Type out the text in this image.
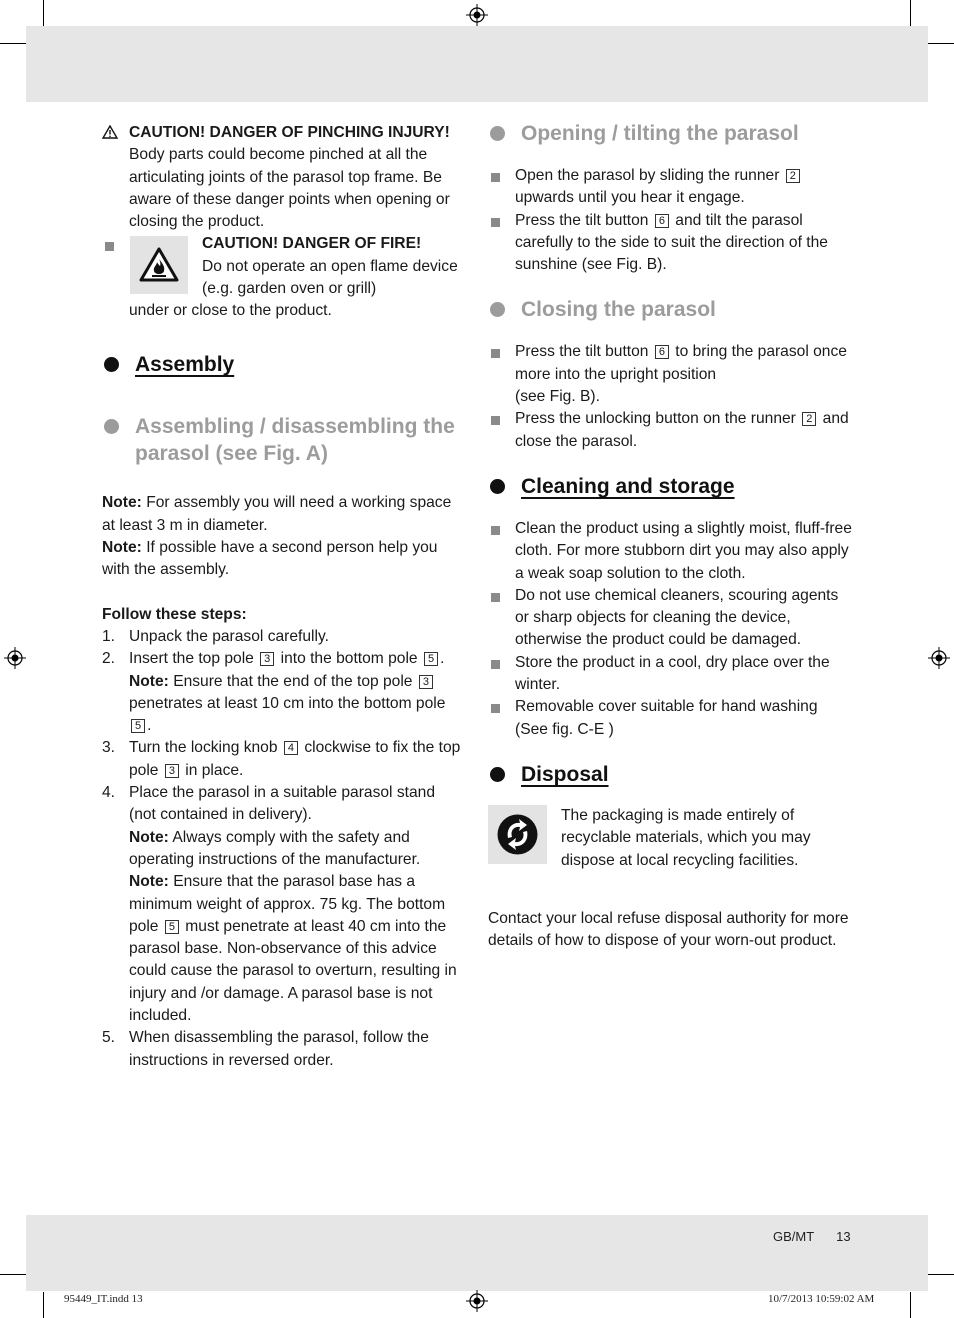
CAUTION! DANGER OF PINCHING INJURY! Body parts could become pinched at all the articulating joints of the parasol top frame. Be aware of these danger points when opening or closing the product.

CAUTION! DANGER OF FIRE!

Do not operate an open flame device (e.g. garden oven or grill)

under or close to the product.

Assembly
Assembling / disassembling the parasol (see Fig. A)

Note: For assembly you will need a working space at least 3 m in diameter.

Note: If possible have a second person help you with the assembly.

Follow these steps:

1. Unpack the parasol carefully.

2. Insert the top pole 3 into the bottom pole 5 .
Note: Ensure that the end of the top pole 3 penetrates at least 10 cm into the bottom pole 5 .

3. Turn the locking knob 4 clockwise to fix the top pole 3 in place.

4. Place the parasol in a suitable parasol stand (not contained in delivery).
Note: Always comply with the safety and operating instructions of the manufacturer.
Note: Ensure that the parasol base has a minimum weight of approx. 75 kg. The bottom pole 5 must penetrate at least 40 cm into the parasol base. Non-observance of this advice could cause the parasol to overturn, resulting in injury and /or damage. A parasol base is not included.

5. When disassembling the parasol, follow the instructions in reversed order.

Opening / tilting the parasol

Open the parasol by sliding the runner 2 upwards until you hear it engage.

Press the tilt button 6 and tilt the parasol carefully to the side to suit the direction of the sunshine (see Fig. B).

Closing the parasol

Press the tilt button 6 to bring the parasol once more into the upright position
(see Fig. B).

Press the unlocking button on the runner 2 and close the parasol.

Cleaning and storage

Clean the product using a slightly moist, fluff-free cloth. For more stubborn dirt you may also apply a weak soap solution to the cloth.

Do not use chemical cleaners, scouring agents or sharp objects for cleaning the device, otherwise the product could be damaged.

Store the product in a cool, dry place over the winter.

Removable cover suitable for hand washing (See fig. C-E )

Disposal

The packaging is made entirely of recyclable materials, which you may dispose at local recycling facilities.

Contact your local refuse disposal authority for more details of how to dispose of your worn-out product.

GB/MT 13
95449_IT.indd 13	10/7/2013 10:59:02 AM
